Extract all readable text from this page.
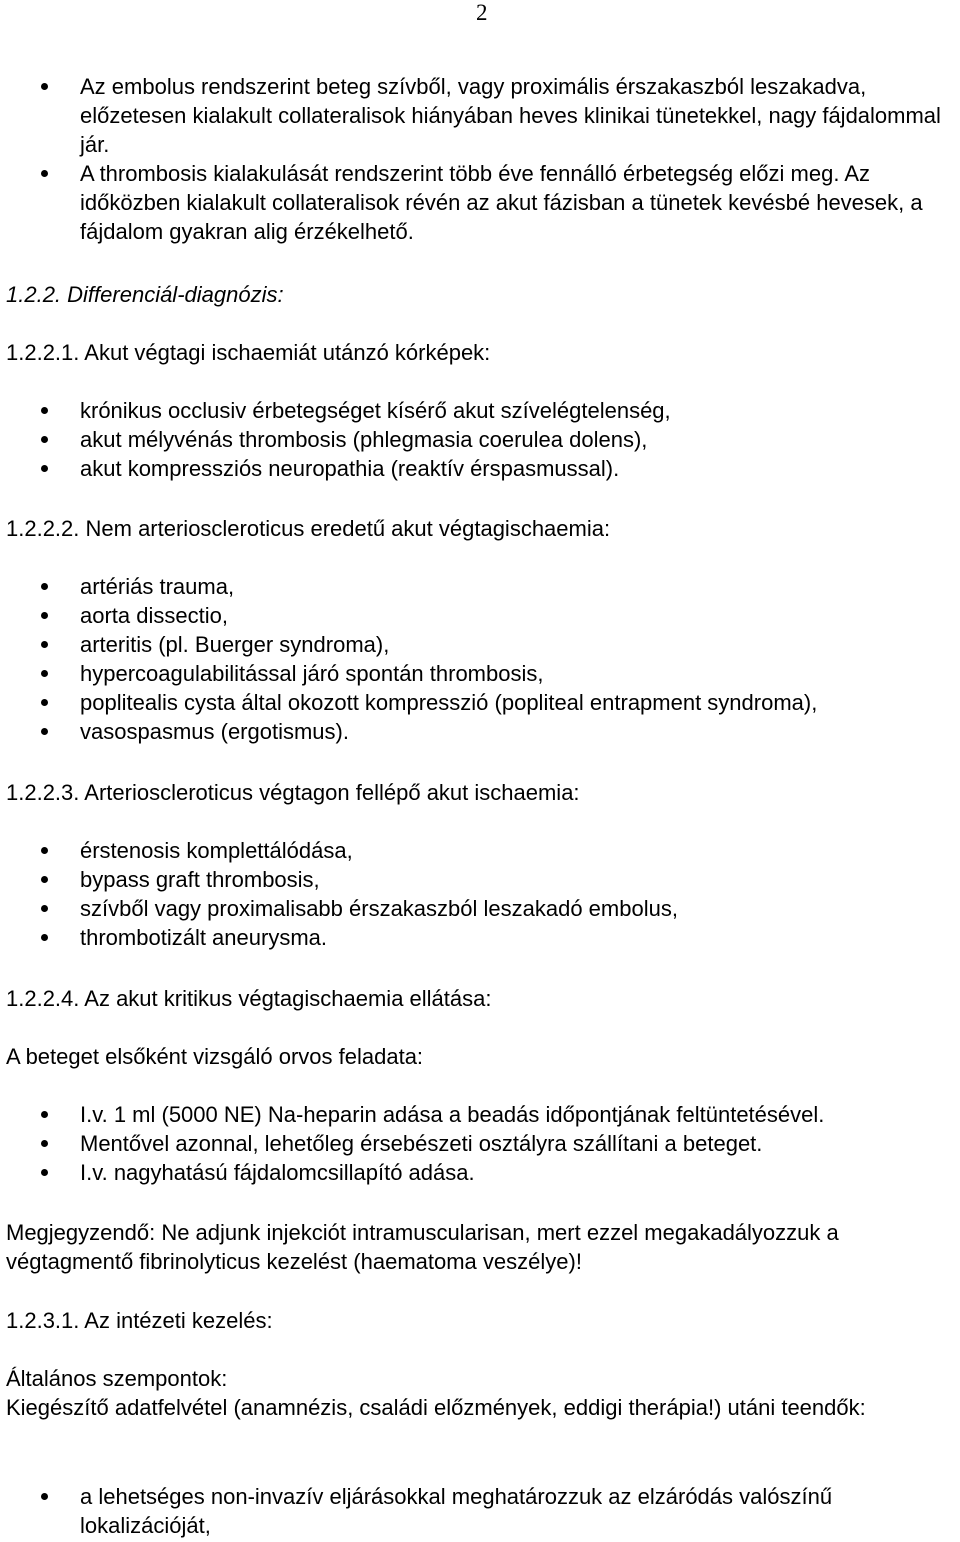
2
Az embolus rendszerint beteg szívből, vagy proximális érszakaszból leszakadva, előzetesen kialakult collateralisok hiányában heves klinikai tünetekkel, nagy fájdalommal jár.
A thrombosis kialakulását rendszerint több éve fennálló érbetegség előzi meg. Az időközben kialakult collateralisok révén az akut fázisban a tünetek kevésbé hevesek, a fájdalom gyakran alig érzékelhető.
1.2.2. Differenciál-diagnózis:
1.2.2.1. Akut végtagi ischaemiát utánzó kórképek:
krónikus occlusiv érbetegséget kísérő akut szívelégtelenség,
akut mélyvénás thrombosis (phlegmasia coerulea dolens),
akut kompressziós neuropathia (reaktív érspasmussal).
1.2.2.2. Nem arterioscleroticus eredetű akut végtagischaemia:
artériás trauma,
aorta dissectio,
arteritis (pl. Buerger syndroma),
hypercoagulabilitással járó spontán thrombosis,
poplitealis cysta által okozott kompresszió (popliteal entrapment syndroma),
vasospasmus (ergotismus).
1.2.2.3. Arterioscleroticus végtagon fellépő akut ischaemia:
érstenosis komplettálódása,
bypass graft thrombosis,
szívből vagy proximalisabb érszakaszból leszakadó embolus,
thrombotizált aneurysma.
1.2.2.4. Az akut kritikus végtagischaemia ellátása:
A beteget elsőként vizsgáló orvos feladata:
I.v. 1 ml (5000 NE) Na-heparin adása a beadás időpontjának feltüntetésével.
Mentővel azonnal, lehetőleg érsebészeti osztályra szállítani a beteget.
I.v. nagyhatású fájdalomcsillapító adása.

Megjegyzendő: Ne adjunk injekciót intramuscularisan, mert ezzel megakadályozzuk a végtagmentő fibrinolyticus kezelést (haematoma veszélye)!

1.2.3.1. Az intézeti kezelés:

Általános szempontok:

Kiegészítő adatfelvétel (anamnézis, családi előzmények, eddigi therápia!) utáni teendők:

a lehetséges non-invazív eljárásokkal meghatározzuk az elzáródás valószínű lokalizációját,
